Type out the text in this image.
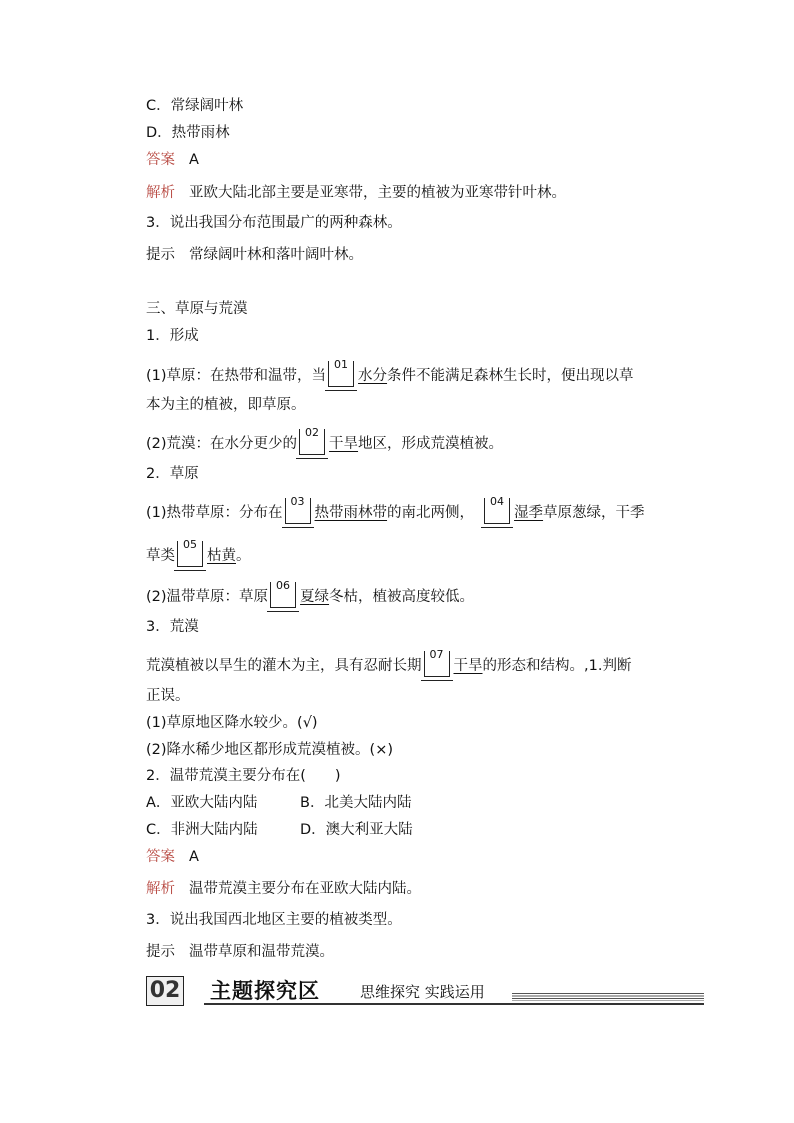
C．常绿阔叶林
D．热带雨林
答案 A
解析 亚欧大陆北部主要是亚寒带，主要的植被为亚寒带针叶林。
3．说出我国分布范围最广的两种森林。
提示 常绿阔叶林和落叶阔叶林。
三、草原与荒漠
1．形成
(1)草原：在热带和温带，当
01
水分条件不能满足森林生长时，便出现以草
本为主的植被，即草原。
(2)荒漠：在水分更少的
02
干旱地区，形成荒漠植被。
2．草原
(1)热带草原：分布在
03
热带雨林带的南北两侧，
04
湿季草原葱绿，干季
草类
05
枯黄。
(2)温带草原：草原
06
夏绿冬枯，植被高度较低。
3．荒漠
荒漠植被以旱生的灌木为主，具有忍耐长期
07
干旱的形态和结构。,1.判断
正误。
(1)草原地区降水较少。(√)
(2)降水稀少地区都形成荒漠植被。(×)
2．温带荒漠主要分布在(　　)
A．亚欧大陆内陆	B．北美大陆内陆
C．非洲大陆内陆	D．澳大利亚大陆
答案 A
解析 温带荒漠主要分布在亚欧大陆内陆。
3．说出我国西北地区主要的植被类型。
提示 温带草原和温带荒漠。
02 主题探究区	思维探究 实践运用
